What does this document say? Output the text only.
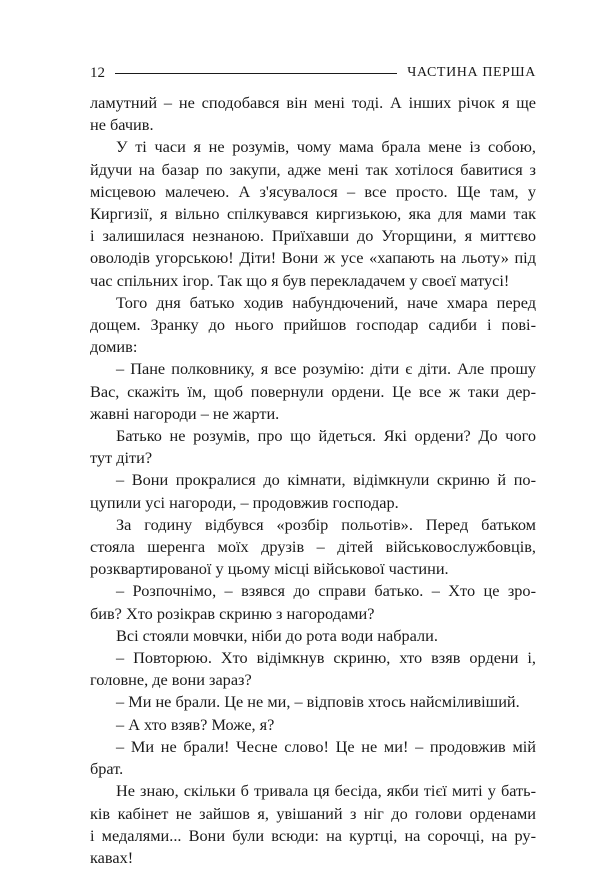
12	ЧАСТИНА ПЕРША
ламутний – не сподобався він мені тоді. А інших річок я ще
не бачив.
У ті часи я не розумів, чому мама брала мене із собою,
йдучи на базар по закупи, адже мені так хотілося бавитися з
місцевою малечею. А з'ясувалося – все просто. Ще там, у
Киргизії, я вільно спілкувався киргизькою, яка для мами так
і залишилася незнаною. Приїхавши до Угорщини, я миттєво
оволодів угорською! Діти! Вони ж усе «хапають на льоту» під
час спільних ігор. Так що я був перекладачем у своєї матусі!
Того дня батько ходив набундючений, наче хмара перед
дощем. Зранку до нього прийшов господар садиби і пові-
домив:
– Пане полковнику, я все розумію: діти є діти. Але прошу
Вас, скажіть їм, щоб повернули ордени. Це все ж таки дер-
жавні нагороди – не жарти.
Батько не розумів, про що йдеться. Які ордени? До чого
тут діти?
– Вони прокралися до кімнати, відімкнули скриню й по-
цупили усі нагороди, – продовжив господар.
За годину відбувся «розбір польотів». Перед батьком
стояла шеренга моїх друзів – дітей військовослужбовців,
розквартированої у цьому місці військової частини.
– Розпочнімо, – взявся до справи батько. – Хто це зро-
бив? Хто розікрав скриню з нагородами?
Всі стояли мовчки, ніби до рота води набрали.
– Повторюю. Хто відімкнув скриню, хто взяв ордени і,
головне, де вони зараз?
– Ми не брали. Це не ми, – відповів хтось найсміливіший.
– А хто взяв? Може, я?
– Ми не брали! Чесне слово! Це не ми! – продовжив мій
брат.
Не знаю, скільки б тривала ця бесіда, якби тієї миті у бать-
ків кабінет не зайшов я, увішаний з ніг до голови орденами
і медалями... Вони були всюди: на куртці, на сорочці, на ру-
кавах!
